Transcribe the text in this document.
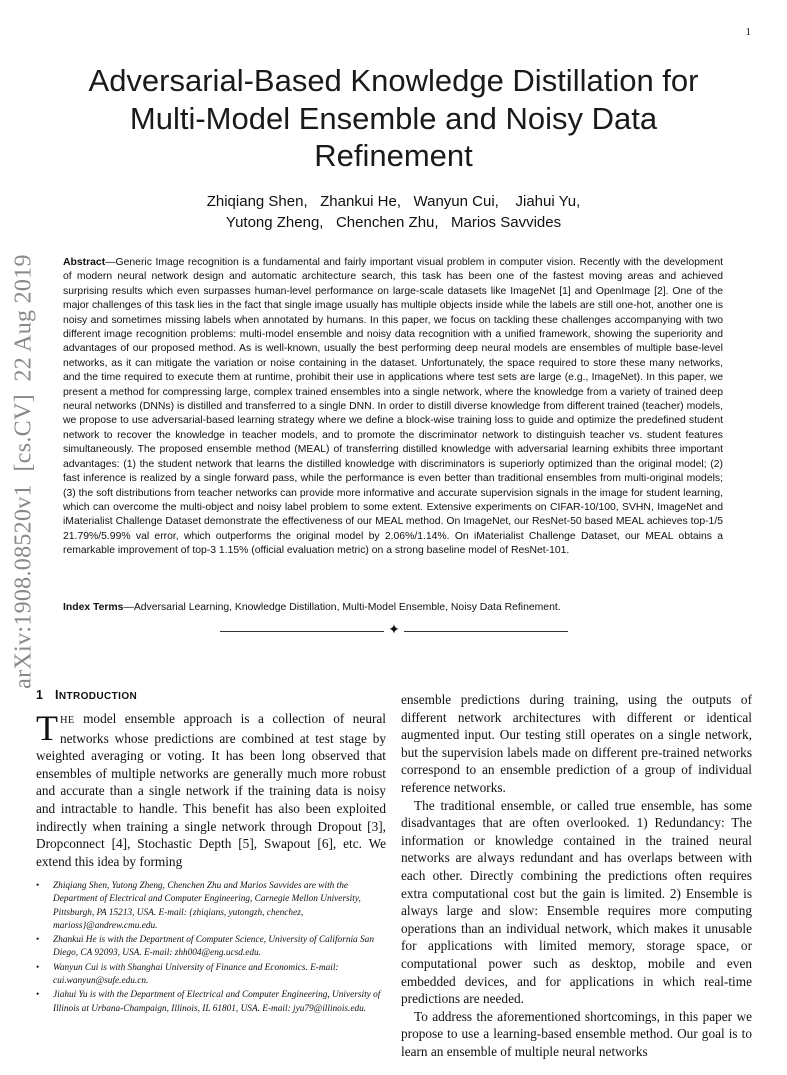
1
Adversarial-Based Knowledge Distillation for
Multi-Model Ensemble and Noisy Data
Refinement
Zhiqiang Shen,   Zhankui He,   Wanyun Cui,    Jiahui Yu,
Yutong Zheng,   Chenchen Zhu,   Marios Savvides
arXiv:1908.08520v1  [cs.CV]  22 Aug 2019	Abstract—Generic Image recognition is a fundamental and fairly important visual problem in computer vision. Recently with the development of modern neural network design and automatic architecture search, this task has been one of the fastest moving areas and achieved surprising results which even surpasses human-level performance on large-scale datasets like ImageNet [1] and OpenImage [2]. One of the major challenges of this task lies in the fact that single image usually has multiple objects inside while the labels are still one-hot, another one is noisy and sometimes missing labels when annotated by humans. In this paper, we focus on tackling these challenges accompanying with two different image recognition problems: multi-model ensemble and noisy data recognition with a unified framework, showing the superiority and advantages of our proposed method. As is well-known, usually the best performing deep neural models are ensembles of multiple base-level networks, as it can mitigate the variation or noise containing in the dataset. Unfortunately, the space required to store these many networks, and the time required to execute them at runtime, prohibit their use in applications where test sets are large (e.g., ImageNet). In this paper, we present a method for compressing large, complex trained ensembles into a single network, where the knowledge from a variety of trained deep neural networks (DNNs) is distilled and transferred to a single DNN. In order to distill diverse knowledge from different trained (teacher) models, we propose to use adversarial-based learning strategy where we define a block-wise training loss to guide and optimize the predefined student network to recover the knowledge in teacher models, and to promote the discriminator network to distinguish teacher vs. student features simultaneously. The proposed ensemble method (MEAL) of transferring distilled knowledge with adversarial learning exhibits three important advantages: (1) the student network that learns the distilled knowledge with discriminators is superiorly optimized than the original model; (2) fast inference is realized by a single forward pass, while the performance is even better than traditional ensembles from multi-original models; (3) the soft distributions from teacher networks can provide more informative and accurate supervision signals in the image for student learning, which can overcome the multi-object and noisy label problem to some extent. Extensive experiments on CIFAR-10/100, SVHN, ImageNet and iMaterialist Challenge Dataset demonstrate the effectiveness of our MEAL method. On ImageNet, our ResNet-50 based MEAL achieves top-1/5 21.79%/5.99% val error, which outperforms the original model by 2.06%/1.14%. On iMaterialist Challenge Dataset, our MEAL obtains a remarkable improvement of top-3 1.15% (official evaluation metric) on a strong baseline model of ResNet-101.

Index Terms—Adversarial Learning, Knowledge Distillation, Multi-Model Ensemble, Noisy Data Refinement.
✦
1 INTRODUCTION

THE model ensemble approach is a collection of neural networks whose predictions are combined at test stage by weighted averaging or voting. It has been long observed that ensembles of multiple networks are generally much more robust and accurate than a single network if the training data is noisy and intractable to handle. This benefit has also been exploited indirectly when training a single network through Dropout [3], Dropconnect [4], Stochastic Depth [5], Swapout [6], etc. We extend this idea by forming

• Zhiqiang Shen, Yutong Zheng, Chenchen Zhu and Marios Savvides are with the Department of Electrical and Computer Engineering, Carnegie Mellon University, Pittsburgh, PA 15213, USA. E-mail: {zhiqians, yutongzh, chenchez, marioss}@andrew.cmu.edu.
• Zhankui He is with the Department of Computer Science, University of California San Diego, CA 92093, USA. E-mail: zhh004@eng.ucsd.edu.
• Wanyun Cui is with Shanghai University of Finance and Economics. E-mail: cui.wanyun@sufe.edu.cn.
• Jiahui Yu is with the Department of Electrical and Computer Engineering, University of Illinois at Urbana-Champaign, Illinois, IL 61801, USA. E-mail: jyu79@illinois.edu.

ensemble predictions during training, using the outputs of different network architectures with different or identical augmented input. Our testing still operates on a single network, but the supervision labels made on different pre-trained networks correspond to an ensemble prediction of a group of individual reference networks.

The traditional ensemble, or called true ensemble, has some disadvantages that are often overlooked. 1) Redundancy: The information or knowledge contained in the trained neural networks are always redundant and has overlaps between with each other. Directly combining the predictions often requires extra computational cost but the gain is limited. 2) Ensemble is always large and slow: Ensemble requires more computing operations than an individual network, which makes it unusable for applications with limited memory, storage space, or computational power such as desktop, mobile and even embedded devices, and for applications in which real-time predictions are needed.

To address the aforementioned shortcomings, in this paper we propose to use a learning-based ensemble method. Our goal is to learn an ensemble of multiple neural networks
